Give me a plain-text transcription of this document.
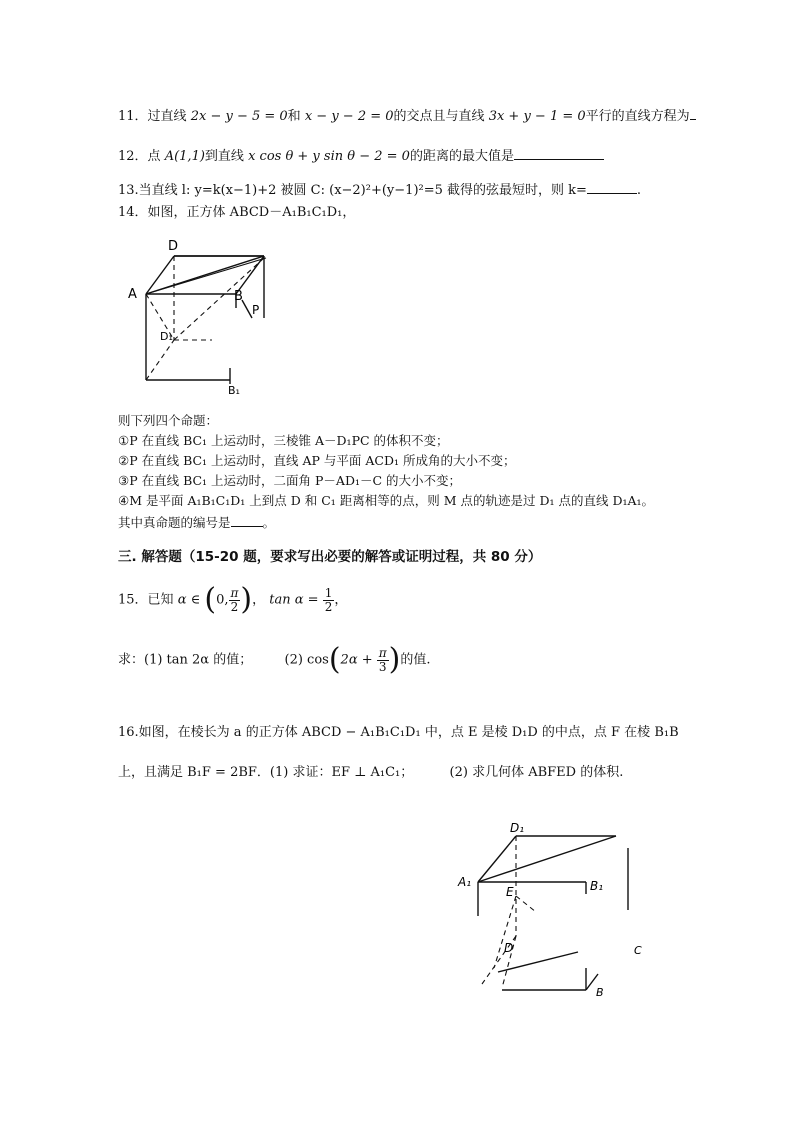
11．过直线 2x − y − 5 = 0和 x − y − 2 = 0的交点且与直线 3x + y − 1 = 0平行的直线方程为
12．点 A(1,1)到直线 x cos θ + y sin θ − 2 = 0的距离的最大值是
13.当直线 l: y=k(x−1)+2 被圆 C: (x−2)²+(y−1)²=5 截得的弦最短时，则 k=	.
14．如图，正方体 ABCD－A₁B₁C₁D₁，
D
A	B
P
D₁
B₁
则下列四个命题：
①P 在直线 BC₁ 上运动时，三棱锥 A－D₁PC 的体积不变；
②P 在直线 BC₁ 上运动时，直线 AP 与平面 ACD₁ 所成角的大小不变；
③P 在直线 BC₁ 上运动时，二面角 P－AD₁－C 的大小不变；
④M 是平面 A₁B₁C₁D₁ 上到点 D 和 C₁ 距离相等的点，则 M 点的轨迹是过 D₁ 点的直线 D₁A₁。
其中真命题的编号是	。
三. 解答题（15-20 题，要求写出必要的解答或证明过程，共 80 分）
15．已知 α ∈ (0, $\frac{\pi}{2}$ )， $\tan \alpha = \frac{1}{2}$ ，
求：(1) tan 2α 的值； (2) $\cos(2\alpha + \frac{\pi}{3}$ )的值.
16.如图，在棱长为 a 的正方体 ABCD − A₁B₁C₁D₁ 中，点 E 是棱 D₁D 的中点，点 F 在棱 B₁B
上，且满足 B₁F = 2BF．(1) 求证：EF ⊥ A₁C₁；	(2) 求几何体 ABFED 的体积.
D₁
A₁
E	B₁
D	C
B
